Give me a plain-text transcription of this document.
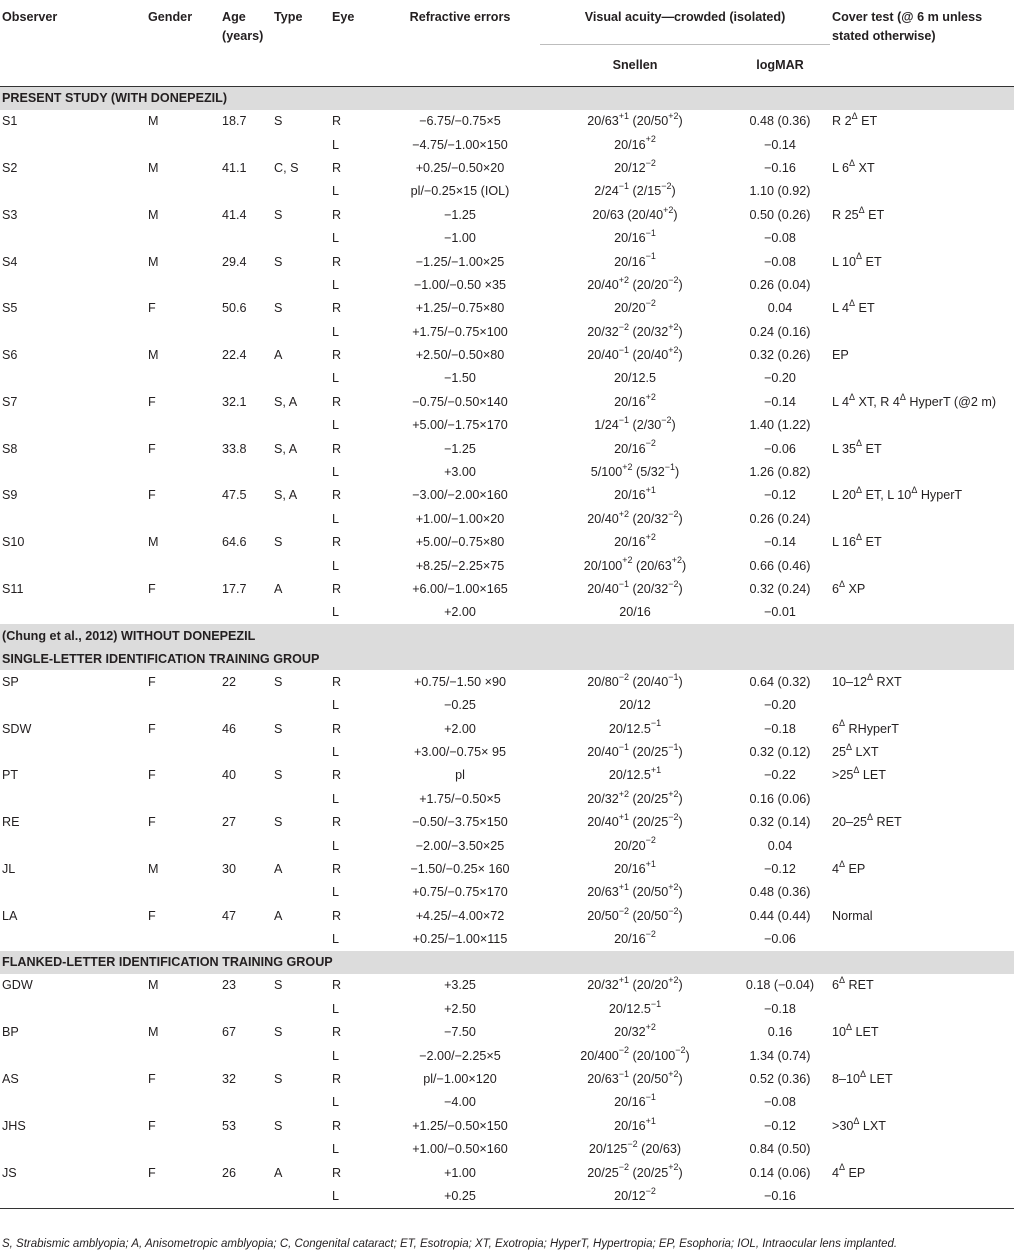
Observer	Gender	Age (years)	Type	Eye	Refractive errors	Visual acuity—crowded (isolated)		Cover test (@ 6 m unless stated otherwise)
						Snellen	logMAR	
PRESENT STUDY (WITH DONEPEZIL)								
S1	M	18.7	S	R	−6.75/−0.75×5	$20/63^{+1}$ $(20/50^{+2})$	0.48 (0.36)	R $2^\Delta$ ET
				L	−4.75/−1.00×150	$20/16^{+2}$	−0.14	
S2	M	41.1	C, S	R	+0.25/−0.50×20	$20/12^{-2}$	−0.16	L $6^\Delta$ XT
				L	pl/−0.25×15 (IOL)	$2/24^{-1}$ $(2/15^{-2})$	1.10 (0.92)	
S3	M	41.4	S	R	−1.25	20/63 $(20/40^{+2})$	0.50 (0.26)	R $25^\Delta$ ET
				L	−1.00	$20/16^{-1}$	−0.08	
S4	M	29.4	S	R	−1.25/−1.00×25	$20/16^{-1}$	−0.08	L $10^\Delta$ ET
				L	−1.00/−0.50 ×35	$20/40^{+2}$ $(20/20^{-2})$	0.26 (0.04)	
S5	F	50.6	S	R	+1.25/−0.75×80	$20/20^{-2}$	0.04	L $4^\Delta$ ET
				L	+1.75/−0.75×100	$20/32^{-2}$ $(20/32^{+2})$	0.24 (0.16)	
S6	M	22.4	A	R	+2.50/−0.50×80	$20/40^{-1}$ $(20/40^{+2})$	0.32 (0.26)	EP
				L	−1.50	20/12.5	−0.20	
S7	F	32.1	S, A	R	−0.75/−0.50×140	$20/16^{+2}$	−0.14	L $4^\Delta$ XT, R $4^\Delta$ HyperT (@2 m)
				L	+5.00/−1.75×170	$1/24^{-1}$ $(2/30^{-2})$	1.40 (1.22)	
S8	F	33.8	S, A	R	−1.25	$20/16^{-2}$	−0.06	L $35^\Delta$ ET
				L	+3.00	$5/100^{+2}$ $(5/32^{-1})$	1.26 (0.82)	
S9	F	47.5	S, A	R	−3.00/−2.00×160	$20/16^{+1}$	−0.12	L $20^\Delta$ ET, L $10^\Delta$ HyperT
				L	+1.00/−1.00×20	$20/40^{+2}$ $(20/32^{-2})$	0.26 (0.24)	
S10	M	64.6	S	R	+5.00/−0.75×80	$20/16^{+2}$	−0.14	L $16^\Delta$ ET
				L	+8.25/−2.25×75	$20/100^{+2}$ $(20/63^{+2})$	0.66 (0.46)	
S11	F	17.7	A	R	+6.00/−1.00×165	$20/40^{-1}$ $(20/32^{-2})$	0.32 (0.24)	$6^\Delta$ XP
				L	+2.00	20/16	−0.01	
(Chung et al., 2012) WITHOUT DONEPEZIL								
SINGLE-LETTER IDENTIFICATION TRAINING GROUP								
SP	F	22	S	R	+0.75/−1.50 ×90	$20/80^{-2}$ $(20/40^{-1})$	0.64 (0.32)	$10-12^\Delta$ RXT
				L	−0.25	20/12	−0.20	
SDW	F	46	S	R	+2.00	$20/12.5^{-1}$	−0.18	$6^\Delta$ RHyperT
				L	+3.00/−0.75× 95	$20/40^{-1}$ $(20/25^{-1})$	0.32 (0.12)	$25^\Delta$ LXT
PT	F	40	S	R	pl	$20/12.5^{+1}$	−0.22	$>25^\Delta$ LET
				L	+1.75/−0.50×5	$20/32^{+2}$ $(20/25^{+2})$	0.16 (0.06)	
RE	F	27	S	R	−0.50/−3.75×150	$20/40^{+1}$ $(20/25^{-2})$	0.32 (0.14)	$20-25^\Delta$ RET
				L	−2.00/−3.50×25	$20/20^{-2}$	0.04	
JL	M	30	A	R	−1.50/−0.25× 160	$20/16^{+1}$	−0.12	$4^\Delta$ EP
				L	+0.75/−0.75×170	$20/63^{+1}$ $(20/50^{+2})$	0.48 (0.36)	
LA	F	47	A	R	+4.25/−4.00×72	$20/50^{-2}$ $(20/50^{-2})$	0.44 (0.44)	Normal
				L	+0.25/−1.00×115	$20/16^{-2}$	−0.06	
FLANKED-LETTER IDENTIFICATION TRAINING GROUP								
GDW	M	23	S	R	+3.25	$20/32^{+1}$ $(20/20^{+2})$	0.18 (−0.04)	$6^\Delta$ RET
				L	+2.50	$20/12.5^{-1}$	−0.18	
BP	M	67	S	R	−7.50	$20/32^{+2}$	0.16	$10^\Delta$ LET
				L	−2.00/−2.25×5	$20/400^{-2}$ $(20/100^{-2})$	1.34 (0.74)	
AS	F	32	S	R	pl/−1.00×120	$20/63^{-1}$ $(20/50^{+2})$	0.52 (0.36)	$8-10^\Delta$ LET
				L	−4.00	$20/16^{-1}$	−0.08	
JHS	F	53	S	R	+1.25/−0.50×150	$20/16^{+1}$	−0.12	$>30^\Delta$ LXT
				L	+1.00/−0.50×160	$20/125^{-2}$ (20/63)	0.84 (0.50)	
JS	F	26	A	R	+1.00	$20/25^{-2}$ $(20/25^{+2})$	0.14 (0.06)	$4^\Delta$ EP
				L	+0.25	$20/12^{-2}$	−0.16	
S, Strabismic amblyopia; A, Anisometropic amblyopia; C, Congenital cataract; ET, Esotropia; XT, Exotropia; HyperT, Hypertropia; EP, Esophoria; IOL, Intraocular lens implanted.
